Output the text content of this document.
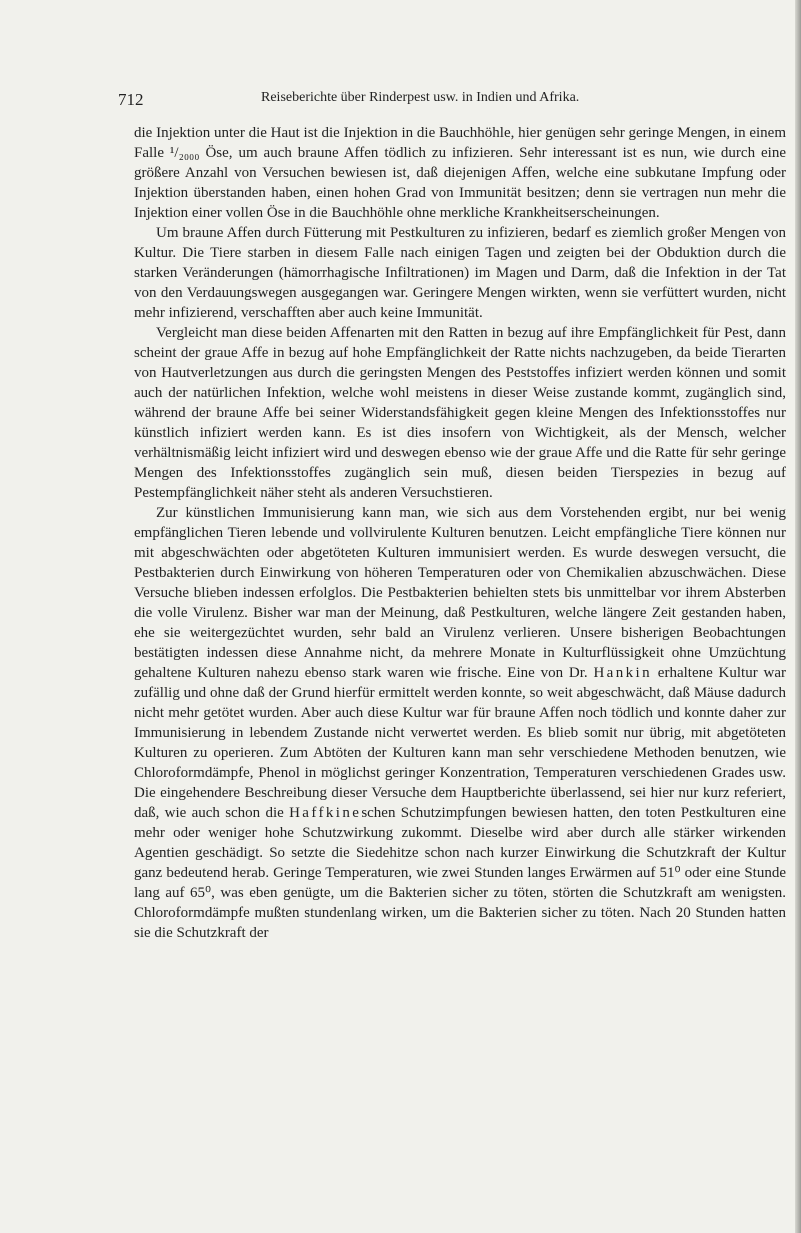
712	Reiseberichte über Rinderpest usw. in Indien und Afrika.

die Injektion unter die Haut ist die Injektion in die Bauchhöhle, hier genügen sehr geringe Mengen, in einem Falle ¹/₂₀₀₀ Öse, um auch braune Affen tödlich zu infizieren. Sehr interessant ist es nun, wie durch eine größere Anzahl von Versuchen bewiesen ist, daß diejenigen Affen, welche eine subkutane Impfung oder Injektion überstanden haben, einen hohen Grad von Immunität besitzen; denn sie vertragen nun mehr die Injektion einer vollen Öse in die Bauchhöhle ohne merkliche Krankheitserscheinungen.

Um braune Affen durch Fütterung mit Pestkulturen zu infizieren, bedarf es ziemlich großer Mengen von Kultur. Die Tiere starben in diesem Falle nach einigen Tagen und zeigten bei der Obduktion durch die starken Veränderungen (hämorrhagische Infiltrationen) im Magen und Darm, daß die Infektion in der Tat von den Verdauungswegen ausgegangen war. Geringere Mengen wirkten, wenn sie verfüttert wurden, nicht mehr infizierend, verschafften aber auch keine Immunität.

Vergleicht man diese beiden Affenarten mit den Ratten in bezug auf ihre Empfänglichkeit für Pest, dann scheint der graue Affe in bezug auf hohe Empfänglichkeit der Ratte nichts nachzugeben, da beide Tierarten von Hautverletzungen aus durch die geringsten Mengen des Peststoffes infiziert werden können und somit auch der natürlichen Infektion, welche wohl meistens in dieser Weise zustande kommt, zugänglich sind, während der braune Affe bei seiner Widerstandsfähigkeit gegen kleine Mengen des Infektionsstoffes nur künstlich infiziert werden kann. Es ist dies insofern von Wichtigkeit, als der Mensch, welcher verhältnismäßig leicht infiziert wird und deswegen ebenso wie der graue Affe und die Ratte für sehr geringe Mengen des Infektionsstoffes zugänglich sein muß, diesen beiden Tierspezies in bezug auf Pestempfänglichkeit näher steht als anderen Versuchstieren.

Zur künstlichen Immunisierung kann man, wie sich aus dem Vorstehenden ergibt, nur bei wenig empfänglichen Tieren lebende und vollvirulente Kulturen benutzen. Leicht empfängliche Tiere können nur mit abgeschwächten oder abgetöteten Kulturen immunisiert werden. Es wurde deswegen versucht, die Pestbakterien durch Einwirkung von höheren Temperaturen oder von Chemikalien abzuschwächen. Diese Versuche blieben indessen erfolglos. Die Pestbakterien behielten stets bis unmittelbar vor ihrem Absterben die volle Virulenz. Bisher war man der Meinung, daß Pestkulturen, welche längere Zeit gestanden haben, ehe sie weitergezüchtet wurden, sehr bald an Virulenz verlieren. Unsere bisherigen Beobachtungen bestätigten indessen diese Annahme nicht, da mehrere Monate in Kulturflüssigkeit ohne Umzüchtung gehaltene Kulturen nahezu ebenso stark waren wie frische. Eine von Dr. Hankin erhaltene Kultur war zufällig und ohne daß der Grund hierfür ermittelt werden konnte, so weit abgeschwächt, daß Mäuse dadurch nicht mehr getötet wurden. Aber auch diese Kultur war für braune Affen noch tödlich und konnte daher zur Immunisierung in lebendem Zustande nicht verwertet werden. Es blieb somit nur übrig, mit abgetöteten Kulturen zu operieren. Zum Abtöten der Kulturen kann man sehr verschiedene Methoden benutzen, wie Chloroformdämpfe, Phenol in möglichst geringer Konzentration, Temperaturen verschiedenen Grades usw. Die eingehendere Beschreibung dieser Versuche dem Hauptberichte überlassend, sei hier nur kurz referiert, daß, wie auch schon die Haffkineschen Schutzimpfungen bewiesen hatten, den toten Pestkulturen eine mehr oder weniger hohe Schutzwirkung zukommt. Dieselbe wird aber durch alle stärker wirkenden Agentien geschädigt. So setzte die Siedehitze schon nach kurzer Einwirkung die Schutzkraft der Kultur ganz bedeutend herab. Geringe Temperaturen, wie zwei Stunden langes Erwärmen auf 51⁰ oder eine Stunde lang auf 65⁰, was eben genügte, um die Bakterien sicher zu töten, störten die Schutzkraft am wenigsten. Chloroformdämpfe mußten stundenlang wirken, um die Bakterien sicher zu töten. Nach 20 Stunden hatten sie die Schutzkraft der
